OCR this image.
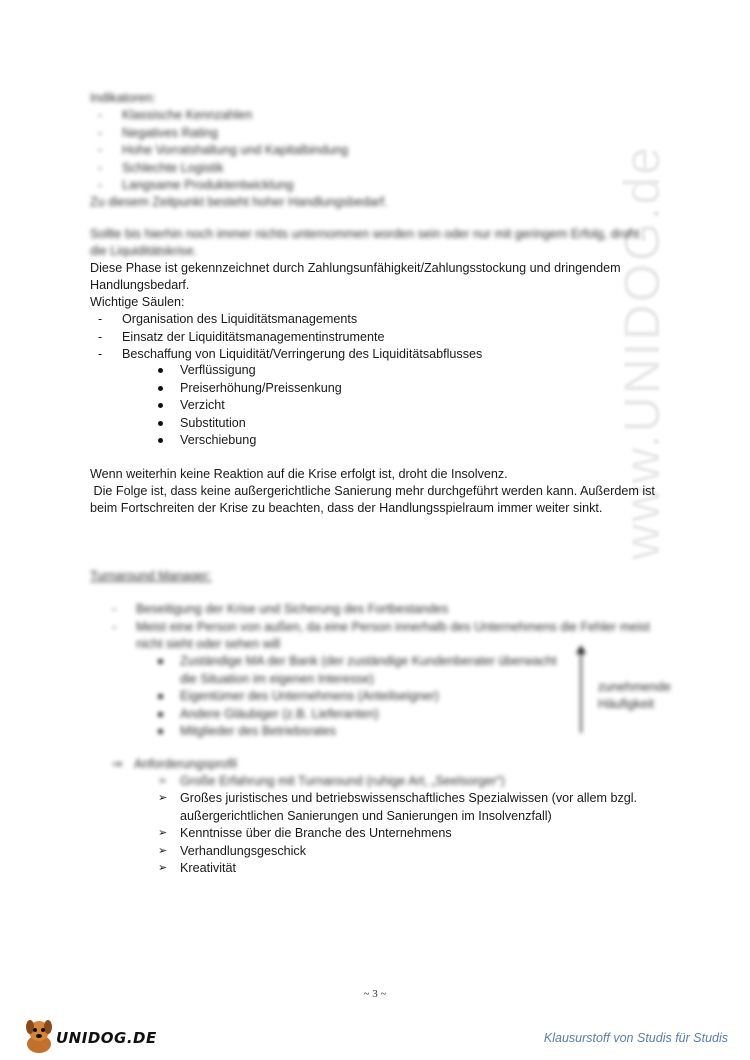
www.UNIDOG.de
Indikatoren:
- Klassische Kennzahlen
- Negatives Rating
- Hohe Vorratshaltung und Kapitalbindung
- Schlechte Logistik
- Langsame Produktentwicklung
Zu diesem Zeitpunkt besteht hoher Handlungsbedarf.
Sollte bis hierhin noch immer nichts unternommen worden sein oder nur mit geringem Erfolg, droht
die Liquiditätskrise.
Diese Phase ist gekennzeichnet durch Zahlungsunfähigkeit/Zahlungsstockung und dringendem
Handlungsbedarf.
Wichtige Säulen:
- Organisation des Liquiditätsmanagements
- Einsatz der Liquiditätsmanagementinstrumente
- Beschaffung von Liquidität/Verringerung des Liquiditätsabflusses
Verflüssigung
Preiserhöhung/Preissenkung
Verzicht
Substitution
Verschiebung
Wenn weiterhin keine Reaktion auf die Krise erfolgt ist, droht die Insolvenz.
Die Folge ist, dass keine außergerichtliche Sanierung mehr durchgeführt werden kann. Außerdem ist
beim Fortschreiten der Krise zu beachten, dass der Handlungsspielraum immer weiter sinkt.
Turnaround Manager:
- Beseitigung der Krise und Sicherung des Fortbestandes
- Meist eine Person von außen, da eine Person innerhalb des Unternehmens die Fehler meist
nicht sieht oder sehen will
Zuständige MA der Bank (der zuständige Kundenberater überwacht
die Situation im eigenen Interesse)
Eigentümer des Unternehmens (Anteilseigner)
Andere Gläubiger (z.B. Lieferanten)
Mitglieder des Betriebsrates
zunehmende
Häufigkeit
⇒ Anforderungsprofil
➢ Große Erfahrung mit Turnaround (ruhige Art, „Seelsorger“)
➢ Großes juristisches und betriebswissenschaftliches Spezialwissen (vor allem bzgl. außergerichtlichen Sanierungen und Sanierungen im Insolvenzfall)
➢ Kenntnisse über die Branche des Unternehmens
➢ Verhandlungsgeschick
➢ Kreativität
~ 3 ~
UNIDOG.DE	Klausurstoff von Studis für Studis
